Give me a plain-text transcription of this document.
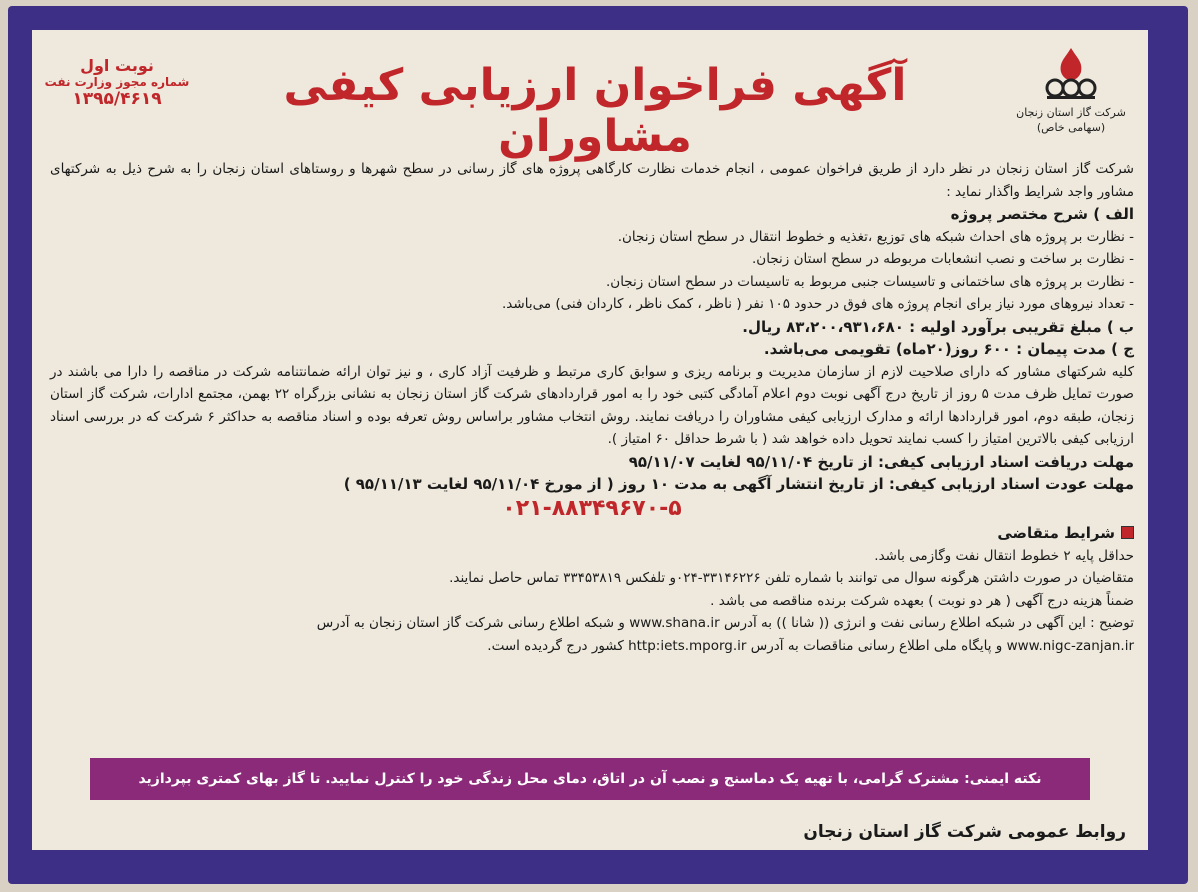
شرکت گاز استان زنجان
(سهامی خاص)
آگهی فراخوان ارزیابی کیفی مشاوران
نوبت اول
شماره مجوز وزارت نفت
۱۳۹۵/۴۶۱۹

شرکت گاز استان زنجان در نظر دارد از طریق فراخوان عمومی ، انجام خدمات نظارت کارگاهی پروژه های گاز رسانی در سطح شهرها و روستاهای استان زنجان را به شرح ذیل به شرکتهای مشاور واجد شرایط واگذار نماید :

الف ) شرح مختصر پروژه

- نظارت بر پروژه های احداث شبکه های توزیع ،تغذیه و خطوط انتقال در سطح استان زنجان.

- نظارت بر ساخت و نصب انشعابات مربوطه در سطح استان زنجان.

- نظارت بر پروژه های ساختمانی و تاسیسات جنبی مربوط به تاسیسات در سطح استان زنجان.

- تعداد نیروهای مورد نیاز برای انجام پروژه های فوق در حدود ۱۰۵ نفر ( ناظر ، کمک ناظر ، کاردان فنی) می‌باشد.

ب ) مبلغ تقریبی برآورد اولیه : ۸۳،۲۰۰،۹۳۱،۶۸۰ ریال.

ج ) مدت پیمان : ۶۰۰ روز(۲۰ماه) تقویمی می‌باشد.

کلیه شرکتهای مشاور که دارای صلاحیت لازم از سازمان مدیریت و برنامه ریزی و سوابق کاری مرتبط و ظرفیت آزاد کاری ، و نیز توان ارائه ضمانتنامه شرکت در مناقصه را دارا می باشند در صورت تمایل ظرف مدت ۵ روز از تاریخ درج آگهی نوبت دوم اعلام آمادگی کتبی خود را به امور قراردادهای شرکت گاز استان زنجان به نشانی بزرگراه ۲۲ بهمن، مجتمع ادارات، شرکت گاز استان زنجان، طبقه دوم، امور قراردادها ارائه و مدارک ارزیابی کیفی مشاوران را دریافت نمایند. روش انتخاب مشاور براساس روش تعرفه بوده و اسناد مناقصه به حداکثر ۶ شرکت که در بررسی اسناد ارزیابی کیفی بالاترین امتیاز را کسب نمایند تحویل داده خواهد شد ( با شرط حداقل ۶۰ امتیاز ).

مهلت دریافت اسناد ارزیابی کیفی: از تاریخ ۹۵/۱۱/۰۴ لغایت ۹۵/۱۱/۰۷

مهلت عودت اسناد ارزیابی کیفی: از تاریخ انتشار آگهی به مدت ۱۰ روز ( از مورخ ۹۵/۱۱/۰۴ لغایت ۹۵/۱۱/۱۳ )

۰۲۱-۸۸۳۴۹۶۷۰-۵

شرایط متقاضی

حداقل پایه ۲ خطوط انتقال نفت وگازمی باشد.

متقاضیان در صورت داشتن هرگونه سوال می توانند با شماره تلفن ۳۳۱۴۶۲۲۶-۰۲۴و تلفکس ۳۳۴۵۳۸۱۹ تماس حاصل نمایند.

ضمناً هزینه درج آگهی ( هر دو نوبت ) بعهده شرکت برنده مناقصه می باشد .

توضیح : این آگهی در شبکه اطلاع رسانی نفت و انرژی (( شانا )) به آدرس www.shana.ir و شبکه اطلاع رسانی شرکت گاز استان زنجان به آدرس

www.nigc-zanjan.ir و پایگاه ملی اطلاع رسانی مناقصات به آدرس http:iets.mporg.ir کشور درج گردیده است.

نکته ایمنی: مشترک گرامی، با تهیه یک دماسنج و نصب آن در اتاق، دمای محل زندگی خود را کنترل نمایید. تا گاز بهای کمتری بپردازید
روابط عمومی شرکت گاز استان زنجان
